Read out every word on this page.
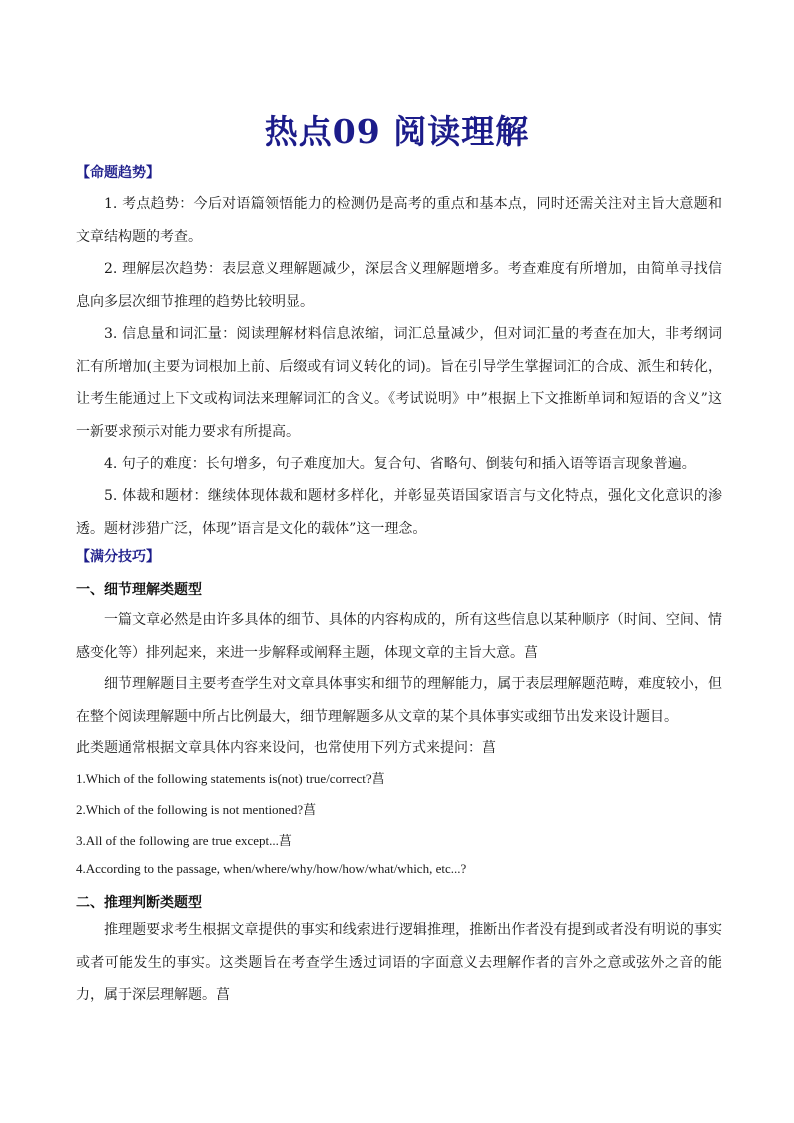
热点09 阅读理解
【命题趋势】
1. 考点趋势：今后对语篇领悟能力的检测仍是高考的重点和基本点，同时还需关注对主旨大意题和文章结构题的考查。
2. 理解层次趋势：表层意义理解题减少，深层含义理解题增多。考查难度有所增加，由简单寻找信息向多层次细节推理的趋势比较明显。
3. 信息量和词汇量：阅读理解材料信息浓缩，词汇总量减少，但对词汇量的考查在加大，非考纲词汇有所增加(主要为词根加上前、后缀或有词义转化的词)。旨在引导学生掌握词汇的合成、派生和转化，让考生能通过上下文或构词法来理解词汇的含义。《考试说明》中”根据上下文推断单词和短语的含义”这一新要求预示对能力要求有所提高。
4. 句子的难度：长句增多，句子难度加大。复合句、省略句、倒装句和插入语等语言现象普遍。
5. 体裁和题材：继续体现体裁和题材多样化，并彰显英语国家语言与文化特点，强化文化意识的渗透。题材涉猎广泛，体现”语言是文化的载体”这一理念。
【满分技巧】
一、细节理解类题型
一篇文章必然是由许多具体的细节、具体的内容构成的，所有这些信息以某种顺序（时间、空间、情感变化等）排列起来，来进一步解释或阐释主题，体现文章的主旨大意。菖
细节理解题目主要考查学生对文章具体事实和细节的理解能力，属于表层理解题范畴，难度较小，但在整个阅读理解题中所占比例最大，细节理解题多从文章的某个具体事实或细节出发来设计题目。
此类题通常根据文章具体内容来设问，也常使用下列方式来提问：菖
1.Which of the following statements is(not) true/correct?菖
2.Which of the following is not mentioned?菖
3.All of the following are true except...菖
4.According to the passage, when/where/why/how/how/what/which, etc...?
二、推理判断类题型
推理题要求考生根据文章提供的事实和线索进行逻辑推理，推断出作者没有提到或者没有明说的事实或者可能发生的事实。这类题旨在考查学生透过词语的字面意义去理解作者的言外之意或弦外之音的能力，属于深层理解题。菖
